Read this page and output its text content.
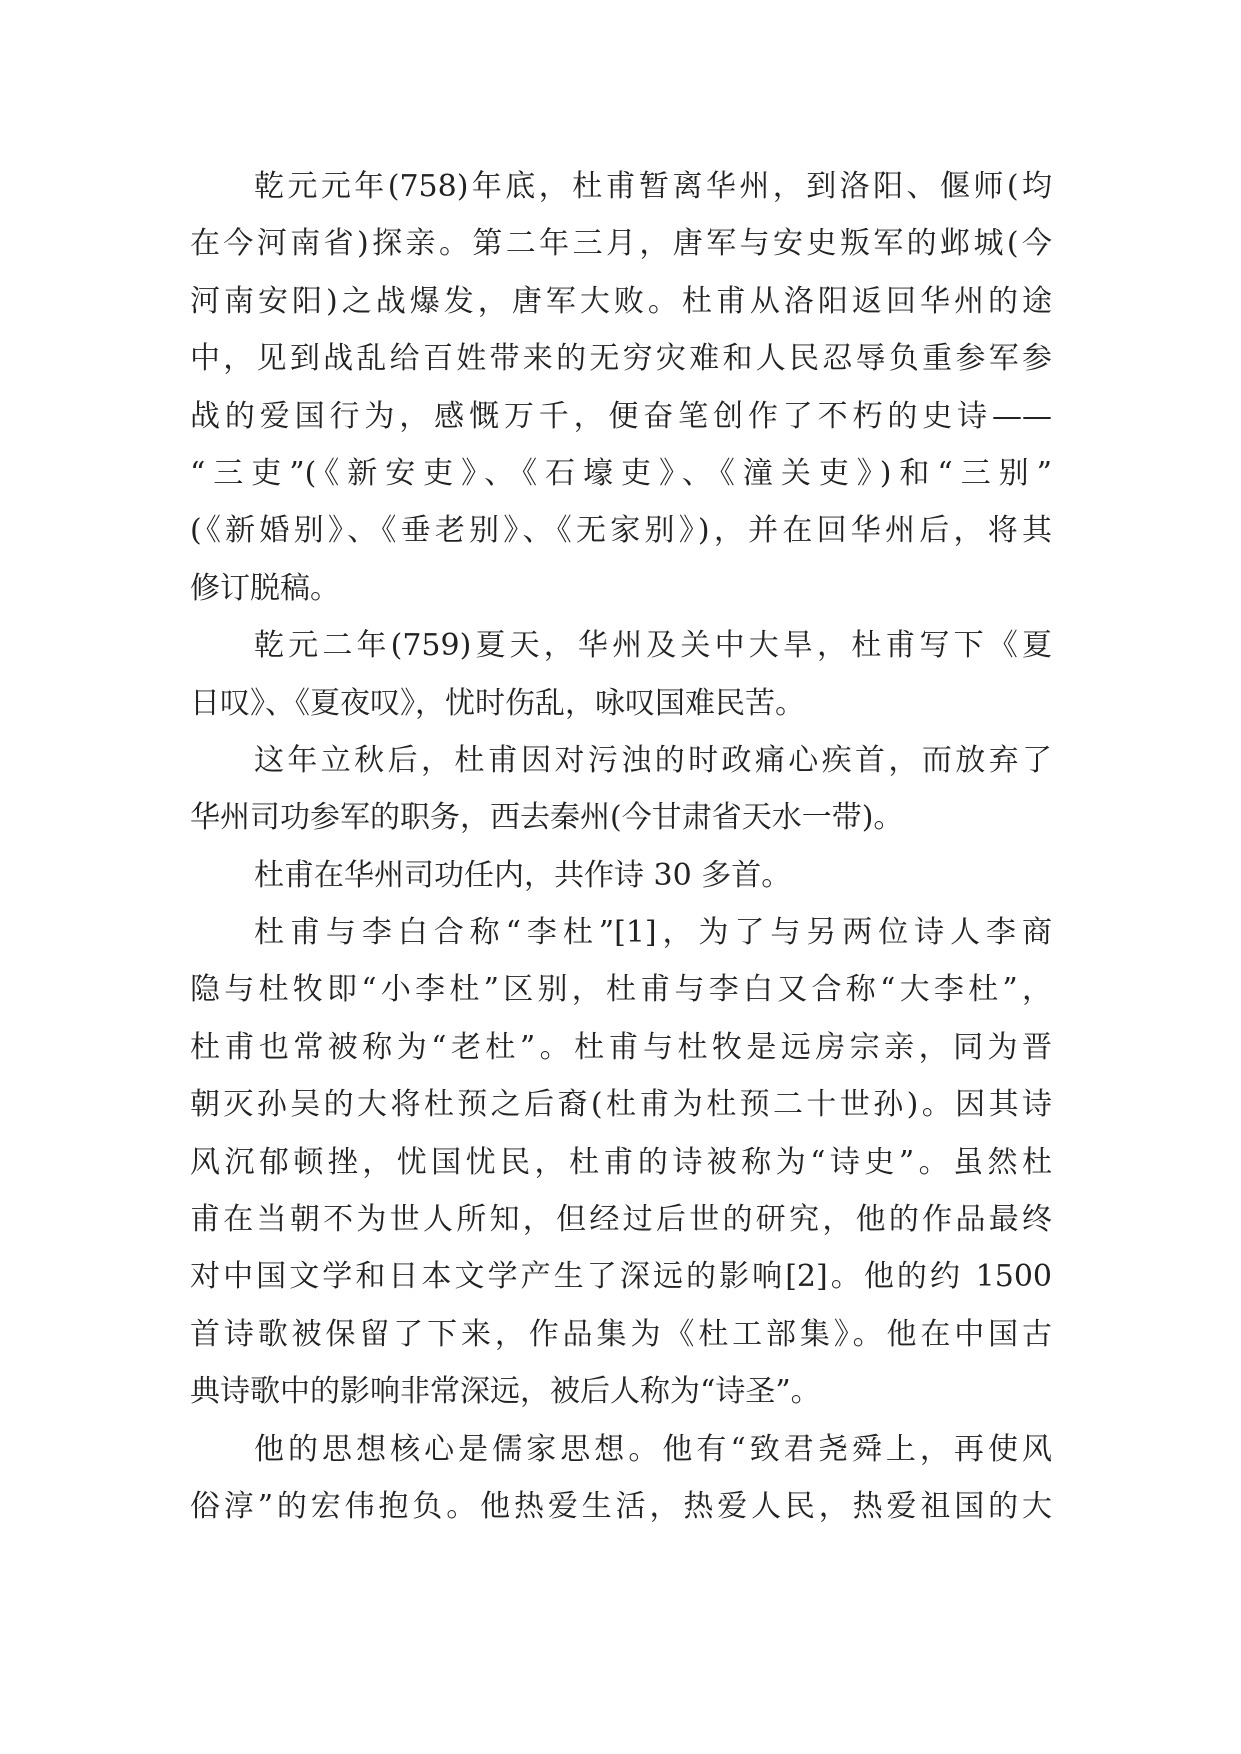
乾元元年(758)年底，杜甫暂离华州，到洛阳、偃师(均
在今河南省)探亲。第二年三月，唐军与安史叛军的邺城(今
河南安阳)之战爆发，唐军大败。杜甫从洛阳返回华州的途
中，见到战乱给百姓带来的无穷灾难和人民忍辱负重参军参
战的爱国行为，感慨万千，便奋笔创作了不朽的史诗——
“三吏”(《新安吏》、《石壕吏》、《潼关吏》)和“三别”
(《新婚别》、《垂老别》、《无家别》)，并在回华州后，将其
修订脱稿。
乾元二年(759)夏天，华州及关中大旱，杜甫写下《夏
日叹》、《夏夜叹》，忧时伤乱，咏叹国难民苦。
这年立秋后，杜甫因对污浊的时政痛心疾首，而放弃了
华州司功参军的职务，西去秦州(今甘肃省天水一带)。
杜甫在华州司功任内，共作诗 30 多首。
杜甫与李白合称“李杜”[1]，为了与另两位诗人李商
隐与杜牧即“小李杜”区别，杜甫与李白又合称“大李杜”，
杜甫也常被称为“老杜”。杜甫与杜牧是远房宗亲，同为晋
朝灭孙吴的大将杜预之后裔(杜甫为杜预二十世孙)。因其诗
风沉郁顿挫，忧国忧民，杜甫的诗被称为“诗史”。虽然杜
甫在当朝不为世人所知，但经过后世的研究，他的作品最终
对中国文学和日本文学产生了深远的影响[2]。他的约 1500
首诗歌被保留了下来，作品集为《杜工部集》。他在中国古
典诗歌中的影响非常深远，被后人称为“诗圣”。
他的思想核心是儒家思想。他有“致君尧舜上，再使风
俗淳”的宏伟抱负。他热爱生活，热爱人民，热爱祖国的大
